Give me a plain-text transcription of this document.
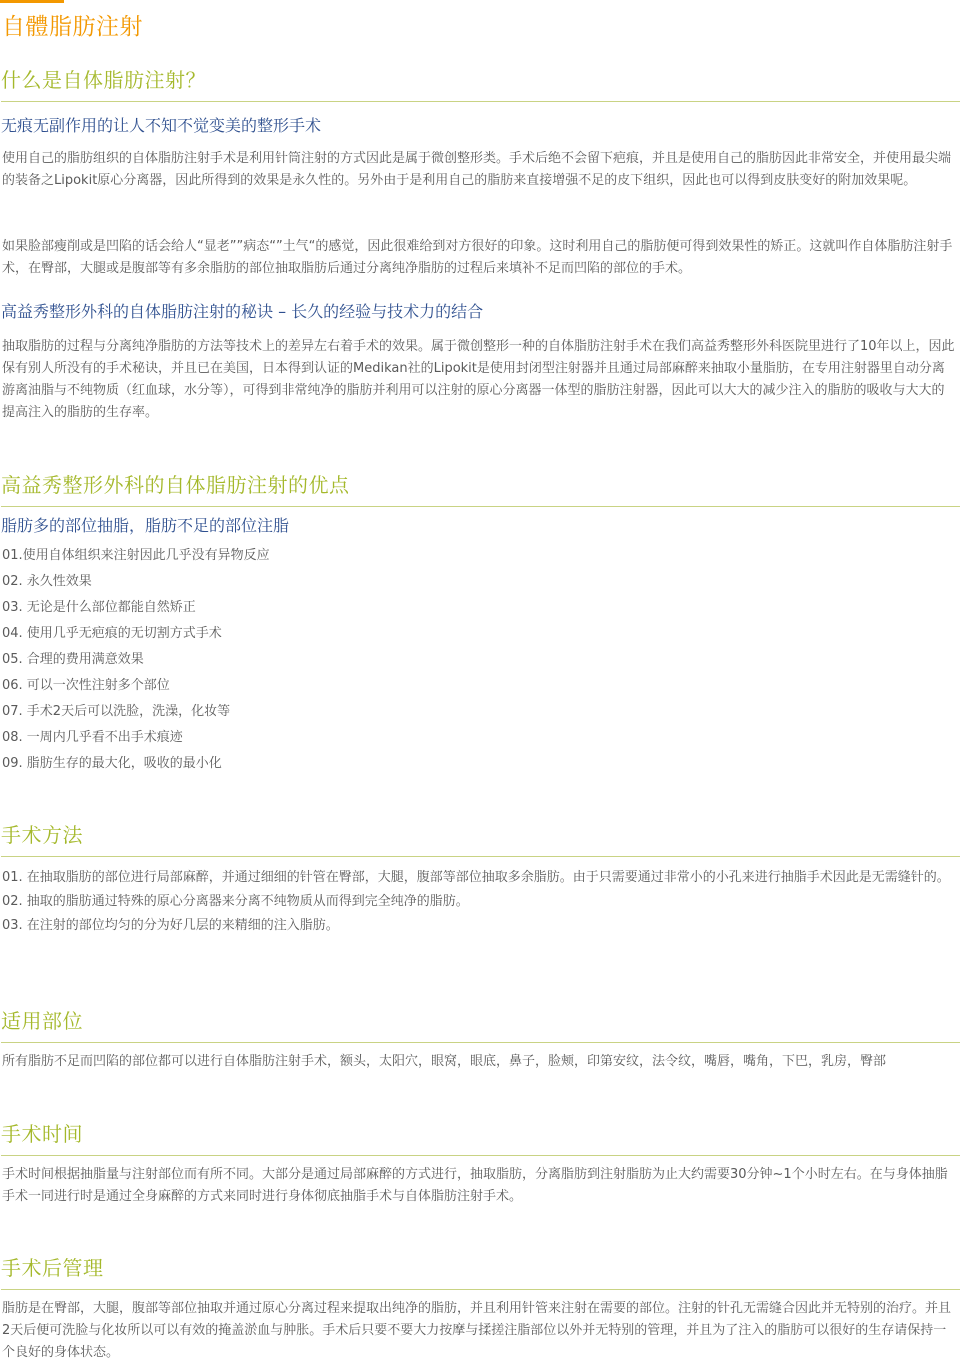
自體脂肪注射
什么是自体脂肪注射？
无痕无副作用的让人不知不觉变美的整形手术

使用自己的脂肪组织的自体脂肪注射手术是利用针筒注射的方式因此是属于微创整形类。手术后绝不会留下疤痕，并且是使用自己的脂肪因此非常安全，并使用最尖端的装备之Lipokit原心分离器，因此所得到的效果是永久性的。另外由于是利用自己的脂肪来直接增强不足的皮下组织，因此也可以得到皮肤变好的附加效果呢。

如果脸部瘦削或是凹陷的话会给人“显老””病态“”土气“的感觉，因此很难给到对方很好的印象。这时利用自己的脂肪便可得到效果性的矫正。这就叫作自体脂肪注射手术，在臀部，大腿或是腹部等有多余脂肪的部位抽取脂肪后通过分离纯净脂肪的过程后来填补不足而凹陷的部位的手术。

高益秀整形外科的自体脂肪注射的秘诀 – 长久的经验与技术力的结合

抽取脂肪的过程与分离纯净脂肪的方法等技术上的差异左右着手术的效果。属于微创整形一种的自体脂肪注射手术在我们高益秀整形外科医院里进行了10年以上，因此保有别人所没有的手术秘诀，并且已在美国，日本得到认证的Medikan社的Lipokit是使用封闭型注射器并且通过局部麻醉来抽取小量脂肪，在专用注射器里自动分离游离油脂与不纯物质（红血球，水分等），可得到非常纯净的脂肪并利用可以注射的原心分离器一体型的脂肪注射器，因此可以大大的减少注入的脂肪的吸收与大大的提高注入的脂肪的生存率。

高益秀整形外科的自体脂肪注射的优点
脂肪多的部位抽脂，脂肪不足的部位注脂
01.使用自体组织来注射因此几乎没有异物反应
02. 永久性效果
03. 无论是什么部位都能自然矫正
04. 使用几乎无疤痕的无切割方式手术
05. 合理的费用满意效果
06. 可以一次性注射多个部位
07. 手术2天后可以洗脸，洗澡，化妆等
08. 一周内几乎看不出手术痕迹
09. 脂肪生存的最大化，吸收的最小化
手术方法
01. 在抽取脂肪的部位进行局部麻醉，并通过细细的针管在臀部，大腿，腹部等部位抽取多余脂肪。由于只需要通过非常小的小孔来进行抽脂手术因此是无需缝针的。
02. 抽取的脂肪通过特殊的原心分离器来分离不纯物质从而得到完全纯净的脂肪。
03. 在注射的部位均匀的分为好几层的来精细的注入脂肪。
适用部位

所有脂肪不足而凹陷的部位都可以进行自体脂肪注射手术，额头，太阳穴，眼窝，眼底，鼻子，脸颊，印第安纹，法令纹，嘴唇，嘴角，下巴，乳房，臀部

手术时间

手术时间根据抽脂量与注射部位而有所不同。大部分是通过局部麻醉的方式进行，抽取脂肪，分离脂肪到注射脂肪为止大约需要30分钟~1个小时左右。在与身体抽脂手术一同进行时是通过全身麻醉的方式来同时进行身体彻底抽脂手术与自体脂肪注射手术。

手术后管理

脂肪是在臀部，大腿，腹部等部位抽取并通过原心分离过程来提取出纯净的脂肪，并且利用针管来注射在需要的部位。注射的针孔无需缝合因此并无特别的治疗。并且2天后便可洗脸与化妆所以可以有效的掩盖淤血与肿胀。手术后只要不要大力按摩与揉搓注脂部位以外并无特别的管理，并且为了注入的脂肪可以很好的生存请保持一个良好的身体状态。
